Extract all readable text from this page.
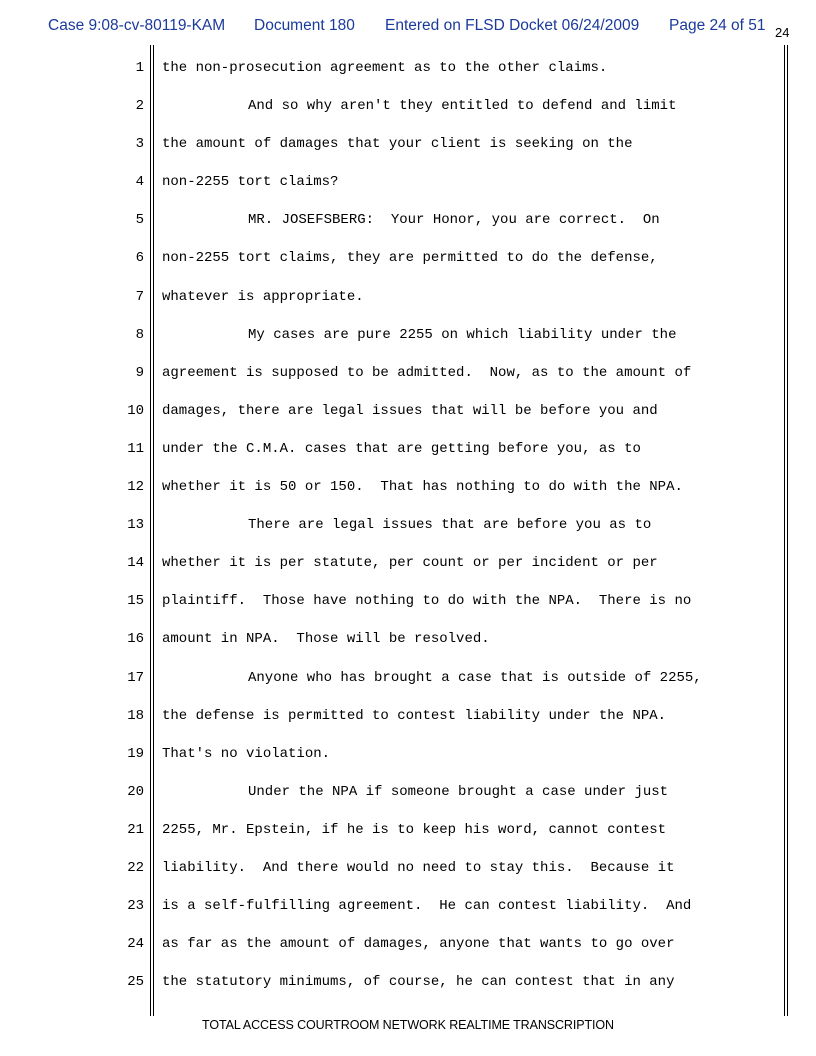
Case 9:08-cv-80119-KAM Document 180 Entered on FLSD Docket 06/24/2009 Page 24 of 51 24
1 the non-prosecution agreement as to the other claims.
2	And so why aren't they entitled to defend and limit
3 the amount of damages that your client is seeking on the
4 non-2255 tort claims?
5	MR. JOSEFSBERG:  Your Honor, you are correct.  On
6 non-2255 tort claims, they are permitted to do the defense,
7 whatever is appropriate.
8	My cases are pure 2255 on which liability under the
9 agreement is supposed to be admitted.  Now, as to the amount of
10 damages, there are legal issues that will be before you and
11 under the C.M.A. cases that are getting before you, as to
12 whether it is 50 or 150.  That has nothing to do with the NPA.
13	There are legal issues that are before you as to
14 whether it is per statute, per count or per incident or per
15 plaintiff.  Those have nothing to do with the NPA.  There is no
16 amount in NPA.  Those will be resolved.
17	Anyone who has brought a case that is outside of 2255,
18 the defense is permitted to contest liability under the NPA.
19 That's no violation.
20	Under the NPA if someone brought a case under just
21 2255, Mr. Epstein, if he is to keep his word, cannot contest
22 liability.  And there would no need to stay this.  Because it
23 is a self-fulfilling agreement.  He can contest liability.  And
24 as far as the amount of damages, anyone that wants to go over
25 the statutory minimums, of course, he can contest that in any
TOTAL ACCESS COURTROOM NETWORK REALTIME TRANSCRIPTION
